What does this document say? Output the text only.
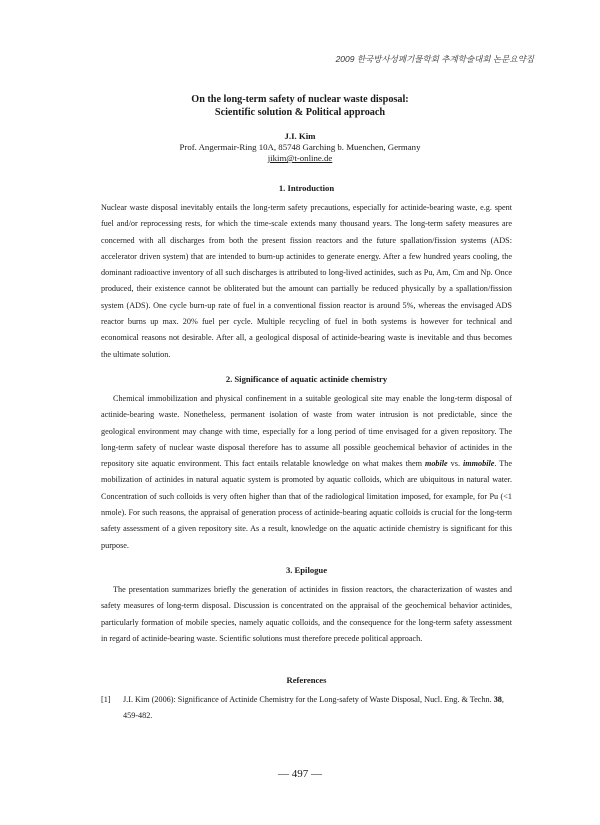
2009 한국방사성폐기물학회 추계학술대회 논문요약집
On the long-term safety of nuclear waste disposal:
Scientific solution & Political approach
J.I. Kim
Prof. Angermair-Ring 10A, 85748 Garching b. Muenchen, Germany
jikim@t-online.de
1. Introduction

Nuclear waste disposal inevitably entails the long-term safety precautions, especially for actinide-bearing waste, e.g. spent fuel and/or reprocessing rests, for which the time-scale extends many thousand years. The long-term safety measures are concerned with all discharges from both the present fission reactors and the future spallation/fission systems (ADS: accelerator driven system) that are intended to burn-up actinides to generate energy. After a few hundred years cooling, the dominant radioactive inventory of all such discharges is attributed to long-lived actinides, such as Pu, Am, Cm and Np. Once produced, their existence cannot be obliterated but the amount can partially be reduced physically by a spallation/fission system (ADS). One cycle burn-up rate of fuel in a conventional fission reactor is around 5%, whereas the envisaged ADS reactor burns up max. 20% fuel per cycle. Multiple recycling of fuel in both systems is however for technical and economical reasons not desirable. After all, a geological disposal of actinide-bearing waste is inevitable and thus becomes the ultimate solution.

2. Significance of aquatic actinide chemistry

Chemical immobilization and physical confinement in a suitable geological site may enable the long-term disposal of actinide-bearing waste. Nonetheless, permanent isolation of waste from water intrusion is not predictable, since the geological environment may change with time, especially for a long period of time envisaged for a given repository. The long-term safety of nuclear waste disposal therefore has to assume all possible geochemical behavior of actinides in the repository site aquatic environment. This fact entails relatable knowledge on what makes them mobile vs. immobile. The mobilization of actinides in natural aquatic system is promoted by aquatic colloids, which are ubiquitous in natural water. Concentration of such colloids is very often higher than that of the radiological limitation imposed, for example, for Pu (<1 nmole). For such reasons, the appraisal of generation process of actinide-bearing aquatic colloids is crucial for the long-term safety assessment of a given repository site. As a result, knowledge on the aquatic actinide chemistry is significant for this purpose.

3. Epilogue

The presentation summarizes briefly the generation of actinides in fission reactors, the characterization of wastes and safety measures of long-term disposal. Discussion is concentrated on the appraisal of the geochemical behavior actinides, particularly formation of mobile species, namely aquatic colloids, and the consequence for the long-term safety assessment in regard of actinide-bearing waste. Scientific solutions must therefore precede political approach.

References
[1]	J.I. Kim (2006): Significance of Actinide Chemistry for the Long-safety of Waste Disposal, Nucl. Eng. & Techn. 38, 459-482.
— 497 —
